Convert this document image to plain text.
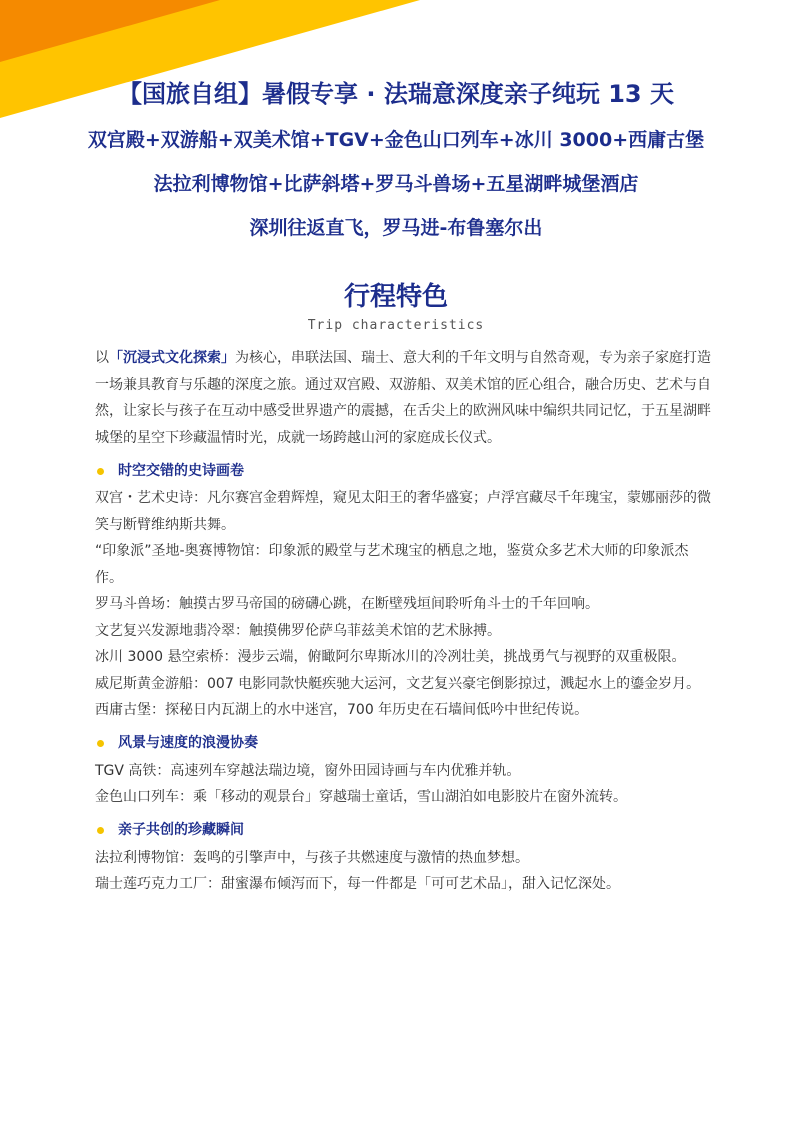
【国旅自组】暑假专享 · 法瑞意深度亲子纯玩 13 天
双宫殿+双游船+双美术馆+TGV+金色山口列车+冰川 3000+西庸古堡
法拉利博物馆+比萨斜塔+罗马斗兽场+五星湖畔城堡酒店
深圳往返直飞，罗马进-布鲁塞尔出
行程特色
Trip characteristics

以「沉浸式文化探索」为核心，串联法国、瑞士、意大利的千年文明与自然奇观，专为亲子家庭打造一场兼具教育与乐趣的深度之旅。通过双宫殿、双游船、双美术馆的匠心组合，融合历史、艺术与自然，让家长与孩子在互动中感受世界遗产的震撼，在舌尖上的欧洲风味中编织共同记忆，于五星湖畔城堡的星空下珍藏温情时光，成就一场跨越山河的家庭成长仪式。

时空交错的史诗画卷

双宫・艺术史诗：凡尔赛宫金碧辉煌，窥见太阳王的奢华盛宴；卢浮宫藏尽千年瑰宝，蒙娜丽莎的微笑与断臂维纳斯共舞。

“印象派”圣地-奥赛博物馆：印象派的殿堂与艺术瑰宝的栖息之地，鉴赏众多艺术大师的印象派杰作。

罗马斗兽场：触摸古罗马帝国的磅礴心跳，在断壁残垣间聆听角斗士的千年回响。

文艺复兴发源地翡冷翠：触摸佛罗伦萨乌菲兹美术馆的艺术脉搏。

冰川 3000 悬空索桥：漫步云端，俯瞰阿尔卑斯冰川的冷冽壮美，挑战勇气与视野的双重极限。

威尼斯黄金游船：007 电影同款快艇疾驰大运河，文艺复兴豪宅倒影掠过，溅起水上的鎏金岁月。

西庸古堡：探秘日内瓦湖上的水中迷宫，700 年历史在石墙间低吟中世纪传说。

风景与速度的浪漫协奏

TGV 高铁：高速列车穿越法瑞边境，窗外田园诗画与车内优雅并轨。

金色山口列车：乘「移动的观景台」穿越瑞士童话，雪山湖泊如电影胶片在窗外流转。

亲子共创的珍藏瞬间

法拉利博物馆：轰鸣的引擎声中，与孩子共燃速度与激情的热血梦想。

瑞士莲巧克力工厂：甜蜜瀑布倾泻而下，每一件都是「可可艺术品」，甜入记忆深处。
